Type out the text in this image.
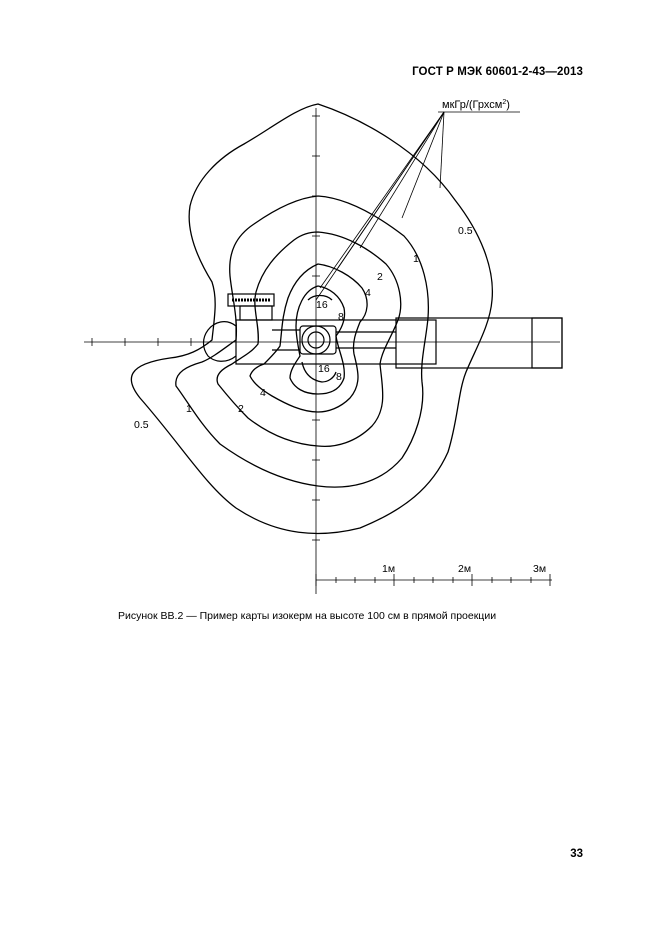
ГОСТ Р МЭК 60601-2-43—2013
мкГр/(Грхсм$^2$)
0.5
1
2
4
16
8
16
8
4
2
1
0.5
1м	2м	3м
Рисунок ВВ.2 — Пример карты изокерм на высоте 100 см в прямой проекции
33
